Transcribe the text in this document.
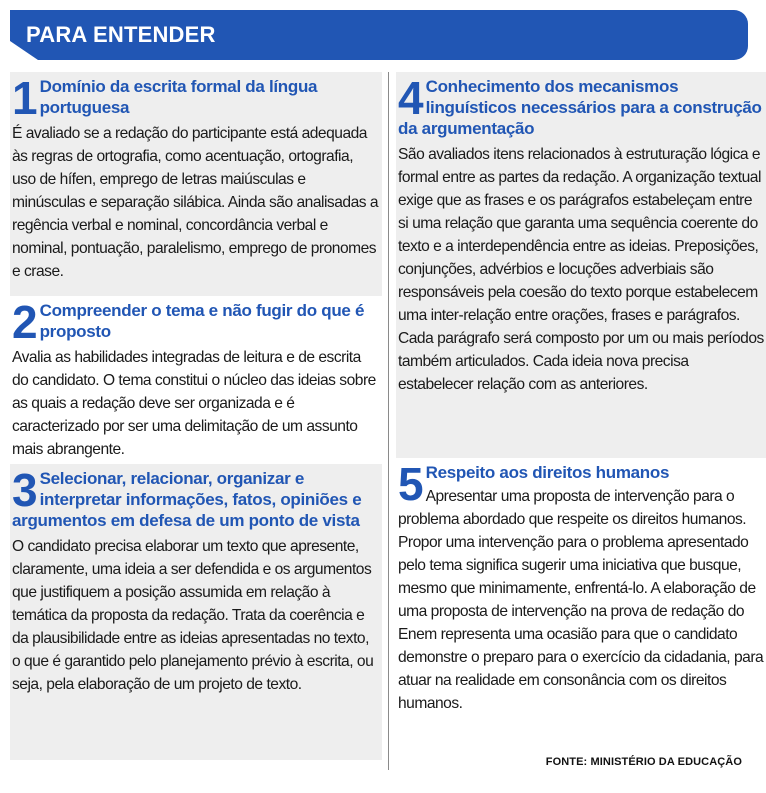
PARA ENTENDER
1 Domínio da escrita formal da língua portuguesa

É avaliado se a redação do participante está adequada às regras de ortografia, como acentuação, ortografia, uso de hífen, emprego de letras maiúsculas e minúsculas e separação silábica. Ainda são analisadas a regência verbal e nominal, concordância verbal e nominal, pontuação, paralelismo, emprego de pronomes e crase.

2 Compreender o tema e não fugir do que é proposto

Avalia as habilidades integradas de leitura e de escrita do candidato. O tema constitui o núcleo das ideias sobre as quais a redação deve ser organizada e é caracterizado por ser uma delimitação de um assunto mais abrangente.

3 Selecionar, relacionar, organizar e interpretar informações, fatos, opiniões e argumentos em defesa de um ponto de vista

O candidato precisa elaborar um texto que apresente, claramente, uma ideia a ser defendida e os argumentos que justifiquem a posição assumida em relação à temática da proposta da redação. Trata da coerência e da plausibilidade entre as ideias apresentadas no texto, o que é garantido pelo planejamento prévio à escrita, ou seja, pela elaboração de um projeto de texto.

4 Conhecimento dos mecanismos linguísticos necessários para a construção da argumentação

São avaliados itens relacionados à estruturação lógica e formal entre as partes da redação. A organização textual exige que as frases e os parágrafos estabeleçam entre si uma relação que garanta uma sequência coerente do texto e a interdependência entre as ideias. Preposições, conjunções, advérbios e locuções adverbiais são responsáveis pela coesão do texto porque estabelecem uma inter-relação entre orações, frases e parágrafos. Cada parágrafo será composto por um ou mais períodos também articulados. Cada ideia nova precisa estabelecer relação com as anteriores.

5 Respeito aos direitos humanos

Apresentar uma proposta de intervenção para o problema abordado que respeite os direitos humanos. Propor uma intervenção para o problema apresentado pelo tema significa sugerir uma iniciativa que busque, mesmo que minimamente, enfrentá-lo. A elaboração de uma proposta de intervenção na prova de redação do Enem representa uma ocasião para que o candidato demonstre o preparo para o exercício da cidadania, para atuar na realidade em consonância com os direitos humanos.

FONTE: MINISTÉRIO DA EDUCAÇÃO
